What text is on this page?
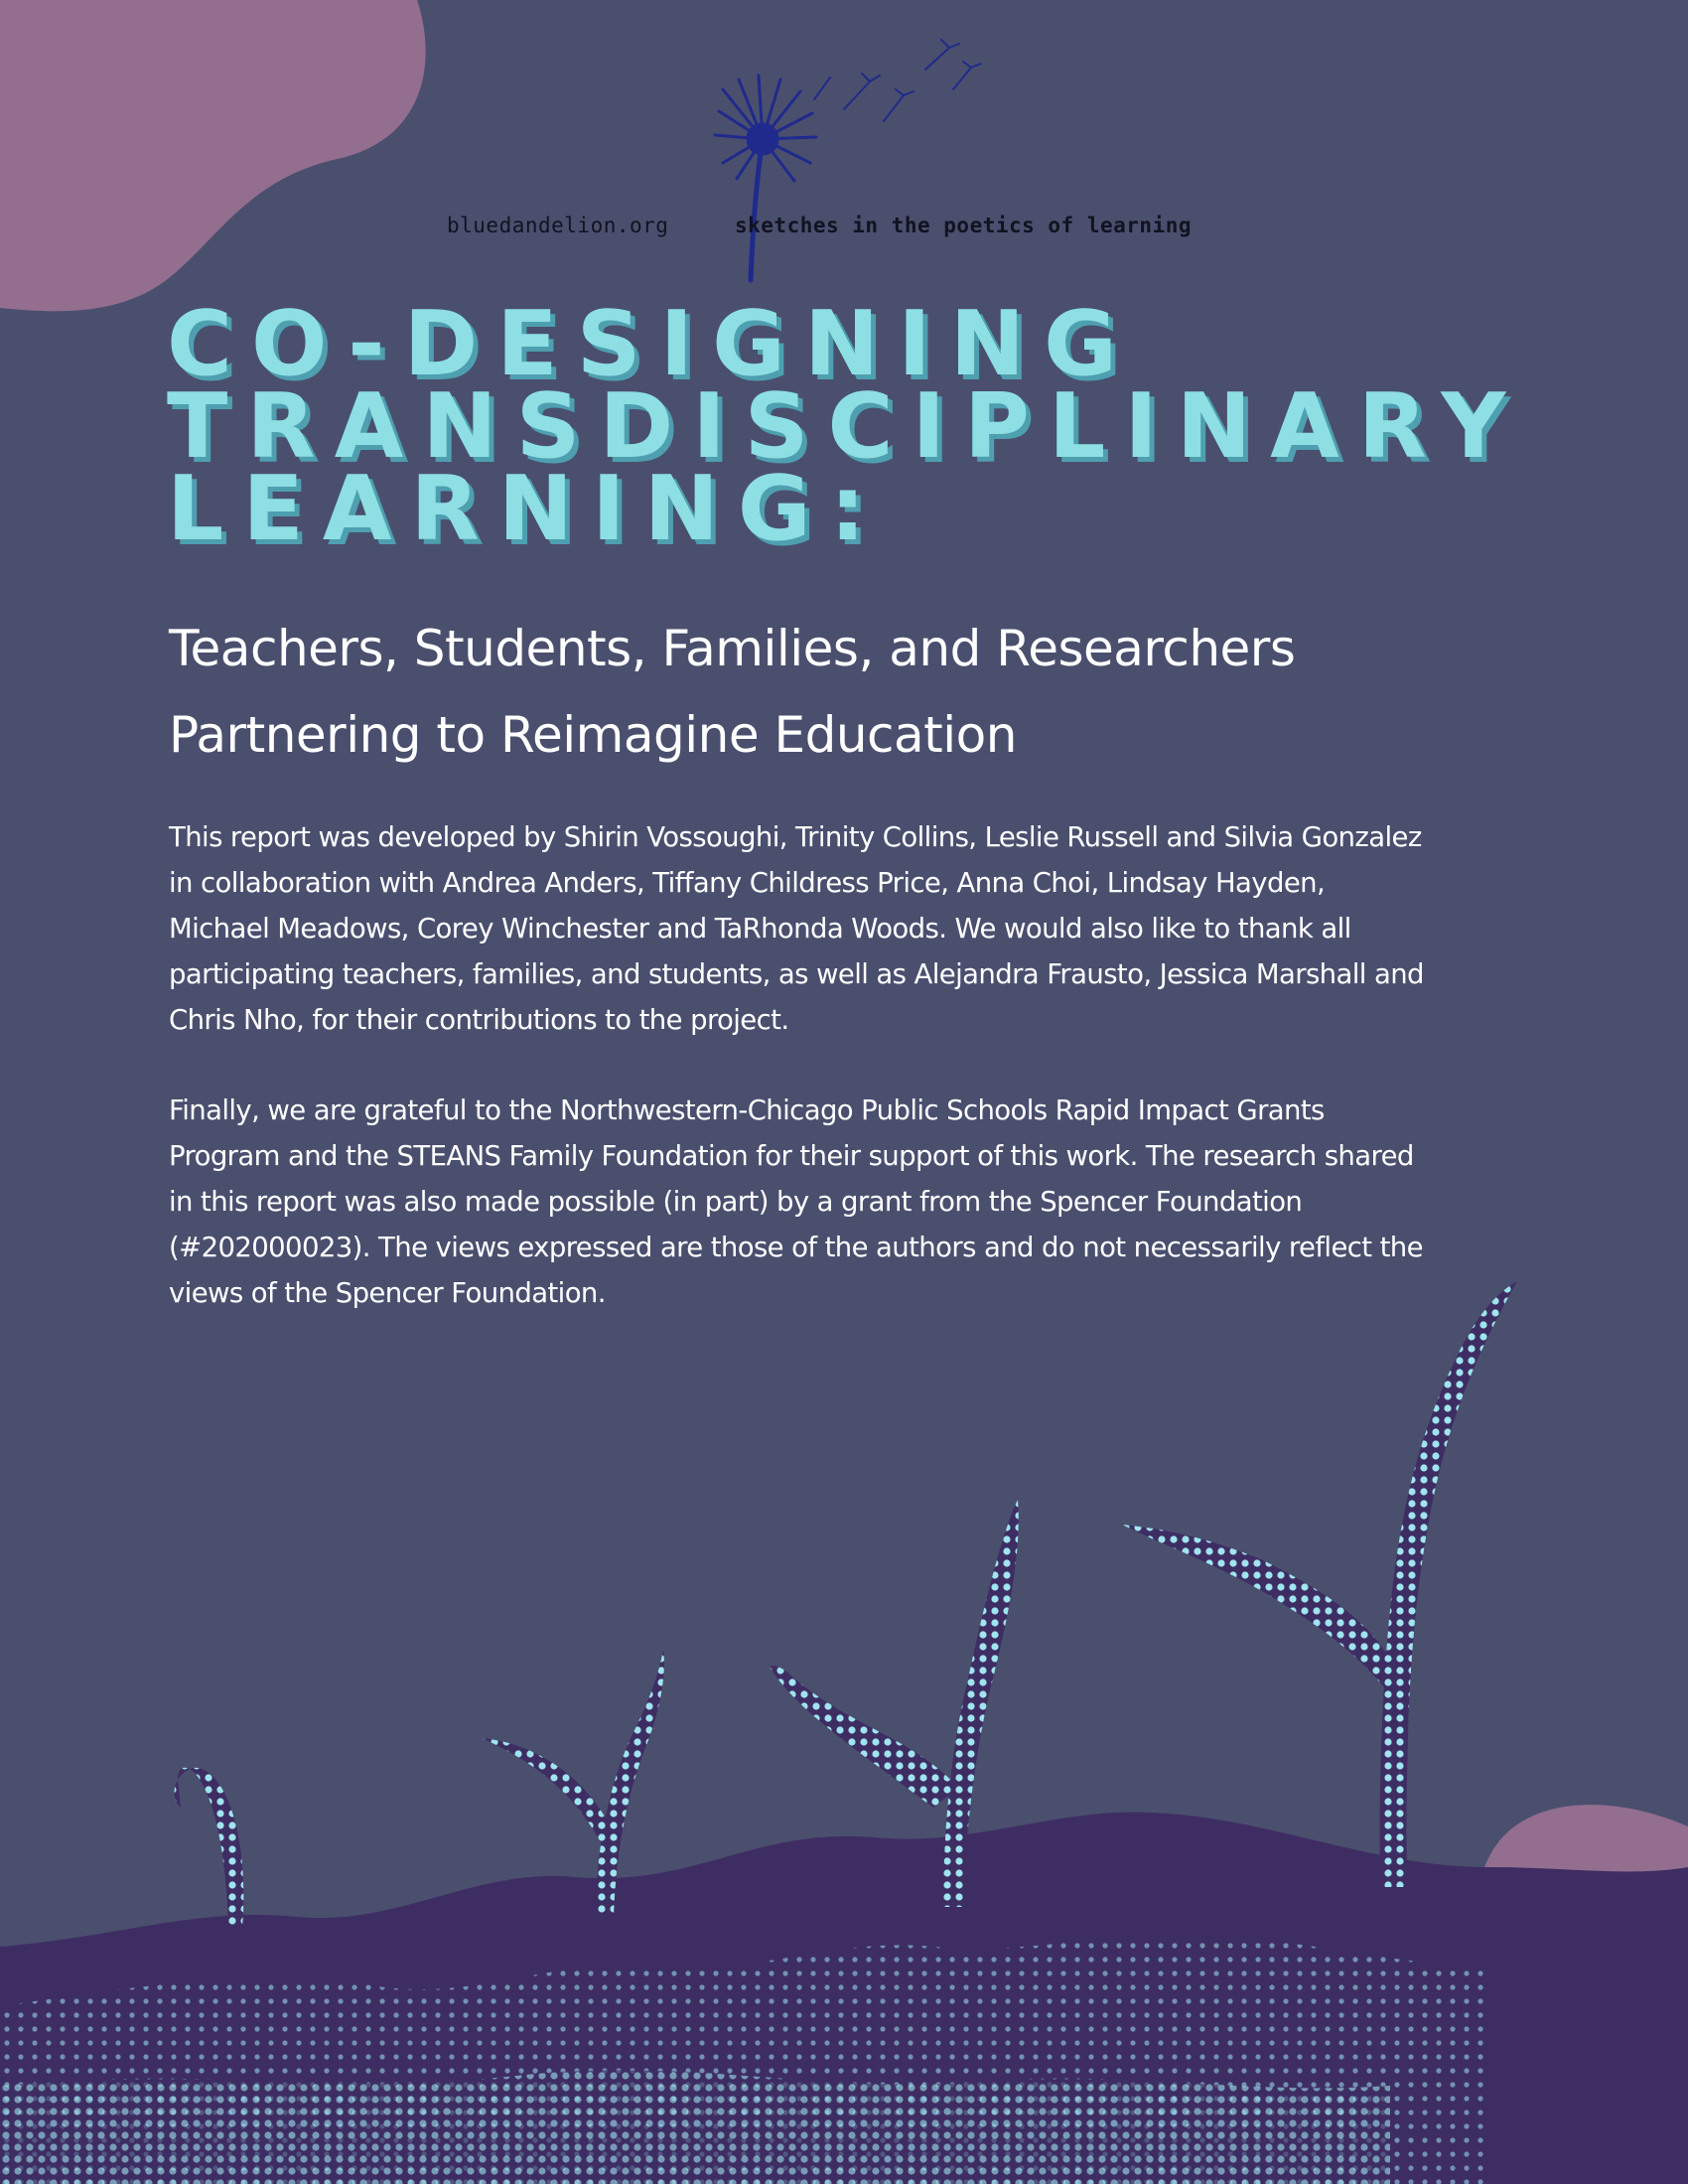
bluedandelion.org	sketches in the poetics of learning
CO-DESIGNING
TRANSDISCIPLINARY
LEARNING:
Teachers, Students, Families, and Researchers
Partnering to Reimagine Education

This report was developed by Shirin Vossoughi, Trinity Collins, Leslie Russell and Silvia Gonzalez
in collaboration with Andrea Anders, Tiffany Childress Price, Anna Choi, Lindsay Hayden,
Michael Meadows, Corey Winchester and TaRhonda Woods. We would also like to thank all
participating teachers, families, and students, as well as Alejandra Frausto, Jessica Marshall and
Chris Nho, for their contributions to the project.

Finally, we are grateful to the Northwestern-Chicago Public Schools Rapid Impact Grants
Program and the STEANS Family Foundation for their support of this work. The research shared
in this report was also made possible (in part) by a grant from the Spencer Foundation
(#202000023). The views expressed are those of the authors and do not necessarily reflect the
views of the Spencer Foundation.
